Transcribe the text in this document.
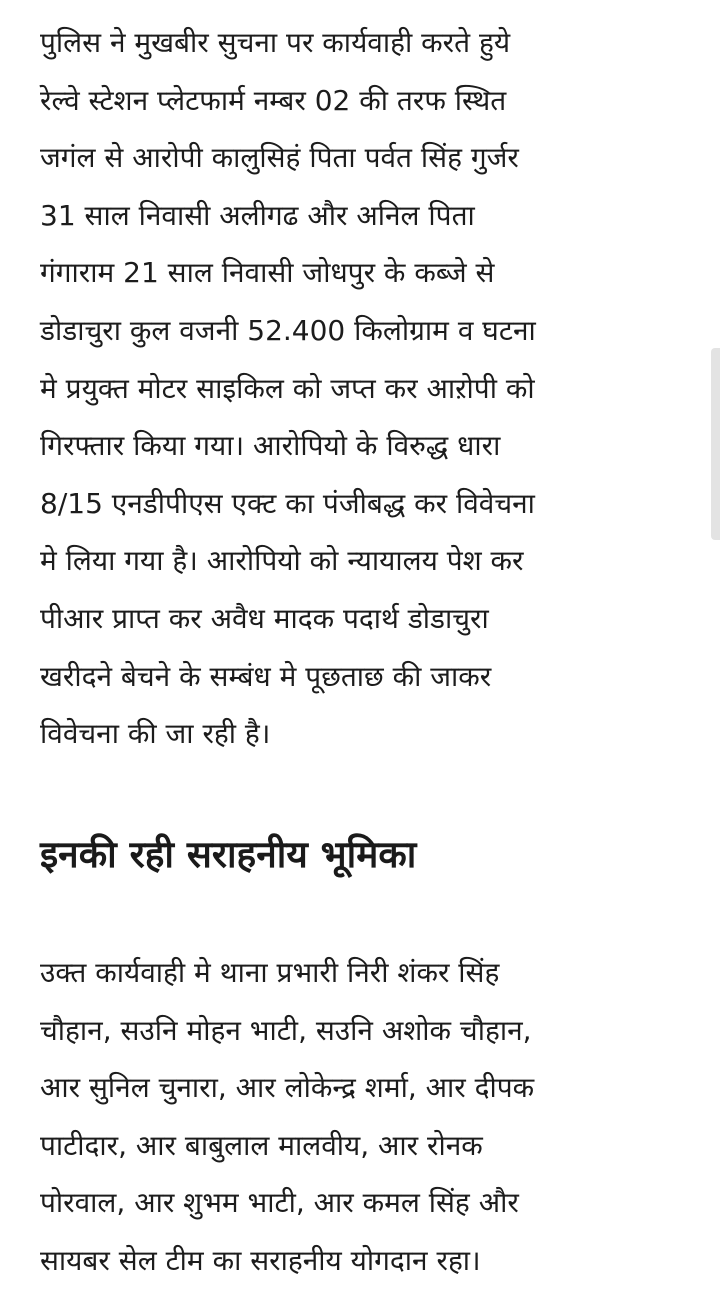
पुलिस ने मुखबीर सुचना पर कार्यवाही करते हुये
रेल्वे स्टेशन प्लेटफार्म नम्बर 02 की तरफ स्थित
जगंल से आरोपी कालुसिहं पिता पर्वत सिंह गुर्जर
31 साल निवासी अलीगढ और अनिल पिता
गंगाराम 21 साल निवासी जोधपुर के कब्जे से
डोडाचुरा कुल वजनी 52.400 किलोग्राम व घटना
मे प्रयुक्त मोटर साइकिल को जप्त कर आऱोपी को
गिरफ्तार किया गया। आरोपियो के विरुद्ध धारा
8/15 एनडीपीएस एक्ट का पंजीबद्ध कर विवेचना
मे लिया गया है। आरोपियो को न्यायालय पेश कर
पीआर प्राप्त कर अवैध मादक पदार्थ डोडाचुरा
खरीदने बेचने के सम्बंध मे पूछताछ की जाकर
विवेचना की जा रही है।

इनकी रही सराहनीय भूमिका

उक्त कार्यवाही मे थाना प्रभारी निरी शंकर सिंह
चौहान, सउनि मोहन भाटी, सउनि अशोक चौहान,
आर सुनिल चुनारा, आर लोकेन्द्र शर्मा, आर दीपक
पाटीदार, आर बाबुलाल मालवीय, आर रोनक
पोरवाल, आर शुभम भाटी, आर कमल सिंह और
सायबर सेल टीम का सराहनीय योगदान रहा।
